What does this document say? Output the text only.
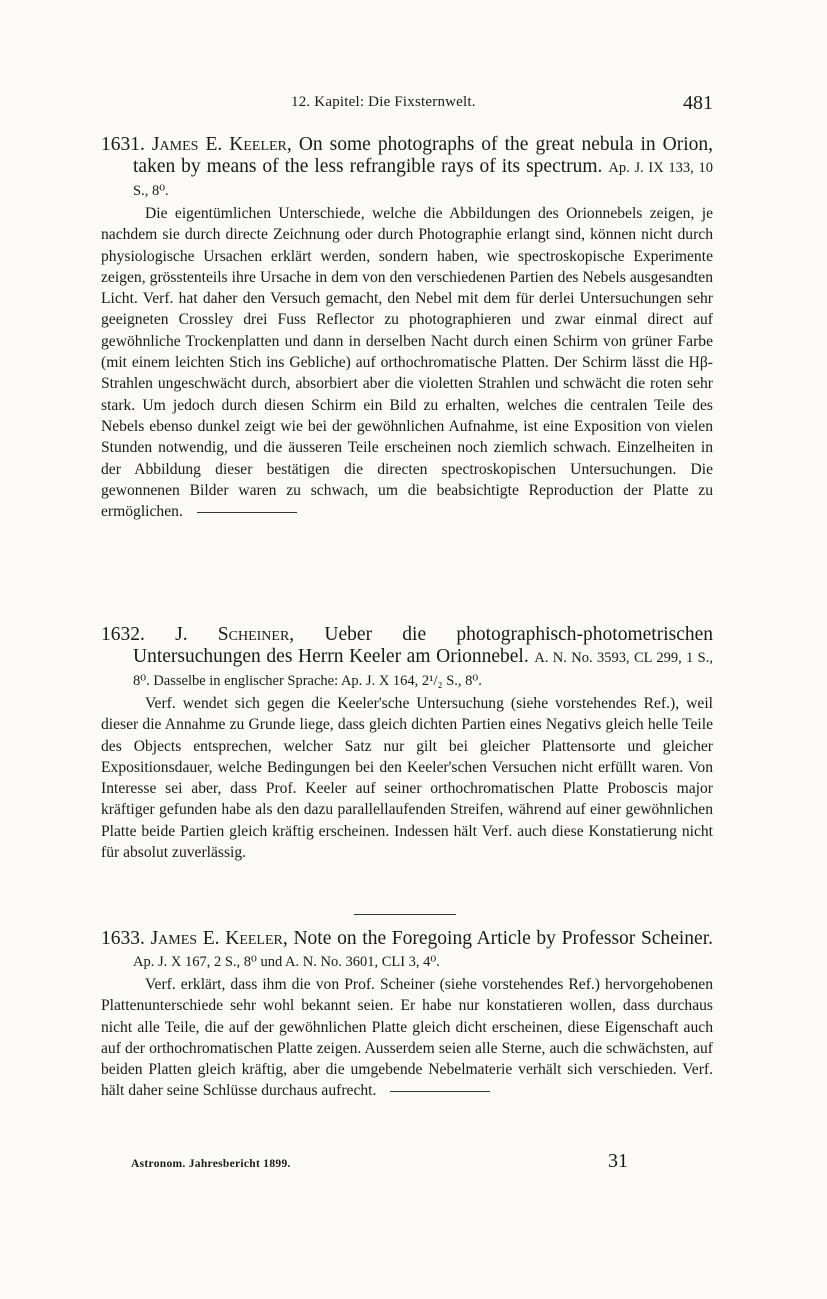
12. Kapitel: Die Fixsternwelt.	481
1631. James E. Keeler, On some photographs of the great nebula in Orion, taken by means of the less refrangible rays of its spectrum. Ap. J. IX 133, 10 S., 8⁰.
Die eigentümlichen Unterschiede, welche die Abbildungen des Orionnebels zeigen, je nachdem sie durch directe Zeichnung oder durch Photographie erlangt sind, können nicht durch physiologische Ursachen erklärt werden, sondern haben, wie spectroskopische Experimente zeigen, grösstenteils ihre Ursache in dem von den verschiedenen Partien des Nebels ausgesandten Licht. Verf. hat daher den Versuch gemacht, den Nebel mit dem für derlei Untersuchungen sehr geeigneten Crossley drei Fuss Reflector zu photographieren und zwar einmal direct auf gewöhnliche Trockenplatten und dann in derselben Nacht durch einen Schirm von grüner Farbe (mit einem leichten Stich ins Gebliche) auf orthochromatische Platten. Der Schirm lässt die Hβ-Strahlen ungeschwächt durch, absorbiert aber die violetten Strahlen und schwächt die roten sehr stark. Um jedoch durch diesen Schirm ein Bild zu erhalten, welches die centralen Teile des Nebels ebenso dunkel zeigt wie bei der gewöhnlichen Aufnahme, ist eine Exposition von vielen Stunden notwendig, und die äusseren Teile erscheinen noch ziemlich schwach. Einzelheiten in der Abbildung dieser bestätigen die directen spectroskopischen Untersuchungen. Die gewonnenen Bilder waren zu schwach, um die beabsichtigte Reproduction der Platte zu ermöglichen.
1632. J. Scheiner, Ueber die photographisch-photometrischen Untersuchungen des Herrn Keeler am Orionnebel. A. N. No. 3593, CL 299, 1 S., 8⁰. Dasselbe in englischer Sprache: Ap. J. X 164, 2¹/₂ S., 8⁰.
Verf. wendet sich gegen die Keeler'sche Untersuchung (siehe vorstehendes Ref.), weil dieser die Annahme zu Grunde liege, dass gleich dichten Partien eines Negativs gleich helle Teile des Objects entsprechen, welcher Satz nur gilt bei gleicher Plattensorte und gleicher Expositionsdauer, welche Bedingungen bei den Keeler'schen Versuchen nicht erfüllt waren. Von Interesse sei aber, dass Prof. Keeler auf seiner orthochromatischen Platte Proboscis major kräftiger gefunden habe als den dazu parallellaufenden Streifen, während auf einer gewöhnlichen Platte beide Partien gleich kräftig erscheinen. Indessen hält Verf. auch diese Konstatierung nicht für absolut zuverlässig.
1633. James E. Keeler, Note on the Foregoing Article by Professor Scheiner. Ap. J. X 167, 2 S., 8⁰ und A. N. No. 3601, CLI 3, 4⁰.
Verf. erklärt, dass ihm die von Prof. Scheiner (siehe vorstehendes Ref.) hervorgehobenen Plattenunterschiede sehr wohl bekannt seien. Er habe nur konstatieren wollen, dass durchaus nicht alle Teile, die auf der gewöhnlichen Platte gleich dicht erscheinen, diese Eigenschaft auch auf der orthochromatischen Platte zeigen. Ausserdem seien alle Sterne, auch die schwächsten, auf beiden Platten gleich kräftig, aber die umgebende Nebelmaterie verhält sich verschieden. Verf. hält daher seine Schlüsse durchaus aufrecht.
Astronom. Jahresbericht 1899.	31
